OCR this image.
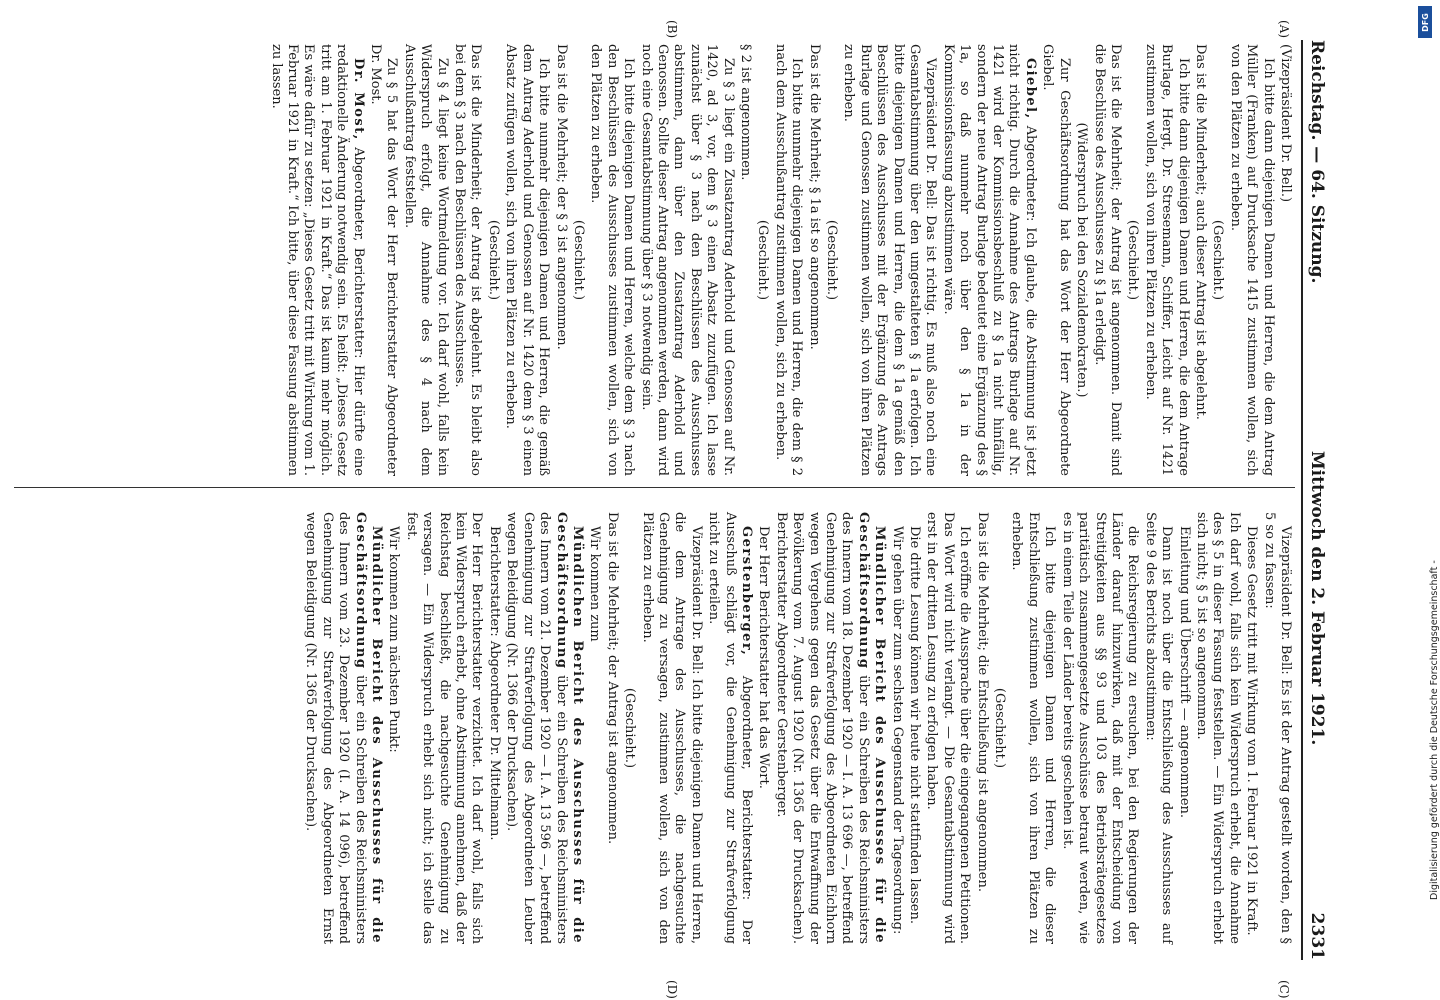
Reichstag. — 64. Sitzung.
Mittwoch den 2. Februar 1921.
2331
(A)
(B)
(C)
(D)

(Vizepräsident Dr. Bell.)

Ich bitte dann diejenigen Damen und Herren, die dem Antrag Müller (Franken) auf Drucksache 1415 zustimmen wollen, sich von den Plätzen zu erheben.

(Geschieht.)

Das ist die Minderheit; auch dieser Antrag ist abgelehnt.

Ich bitte dann diejenigen Damen und Herren, die dem Antrage Burlage, Hergt, Dr. Stresemann, Schiffer, Leicht auf Nr. 1421 zustimmen wollen, sich von ihren Plätzen zu erheben.

(Geschieht.)

Das ist die Mehrheit; der Antrag ist angenommen. Damit sind die Beschlüsse des Ausschusses zu § 1a erledigt.

(Widerspruch bei den Sozialdemokraten.)

Zur Geschäftsordnung hat das Wort der Herr Abgeordnete Giebel.

Giebel, Abgeordneter: Ich glaube, die Abstimmung ist jetzt nicht richtig. Durch die Annahme des Antrags Burlage auf Nr. 1421 wird der Kommissionsbeschluß zu § 1a nicht hinfällig, sondern der neue Antrag Burlage bedeutet eine Ergänzung des § 1a, so daß nunmehr noch über den § 1a in der Kommissionsfassung abzustimmen wäre.

Vizepräsident Dr. Bell: Das ist richtig. Es muß also noch eine Gesamtabstimmung über den umgestalteten § 1a erfolgen. Ich bitte diejenigen Damen und Herren, die dem § 1a gemäß den Beschlüssen des Ausschusses mit der Ergänzung des Antrags Burlage und Genossen zustimmen wollen, sich von ihren Plätzen zu erheben.

(Geschieht.)

Das ist die Mehrheit; § 1a ist so angenommen.

Ich bitte nunmehr diejenigen Damen und Herren, die dem § 2 nach dem Ausschußantrag zustimmen wollen, sich zu erheben.

(Geschieht.)

§ 2 ist angenommen.

Zu § 3 liegt ein Zusatzantrag Aderhold und Genossen auf Nr. 1420, ad 3, vor, dem § 3 einen Absatz zuzufügen. Ich lasse zunächst über § 3 nach den Beschlüssen des Ausschusses abstimmen, dann über den Zusatzantrag Aderhold und Genossen. Sollte dieser Antrag angenommen werden, dann wird noch eine Gesamtabstimmung über § 3 notwendig sein.

Ich bitte diejenigen Damen und Herren, welche dem § 3 nach den Beschlüssen des Ausschusses zustimmen wollen, sich von den Plätzen zu erheben.

(Geschieht.)

Das ist die Mehrheit; der § 3 ist angenommen.

Ich bitte nunmehr diejenigen Damen und Herren, die gemäß dem Antrag Aderhold und Genossen auf Nr. 1420 dem § 3 einen Absatz zufügen wollen, sich von ihren Plätzen zu erheben.

(Geschieht.)

Das ist die Minderheit; der Antrag ist abgelehnt. Es bleibt also bei dem § 3 nach den Beschlüssen des Ausschusses.

Zu § 4 liegt keine Wortmeldung vor. Ich darf wohl, falls kein Widerspruch erfolgt, die Annahme des § 4 nach dem Ausschußantrag feststellen.

Zu § 5 hat das Wort der Herr Berichterstatter Abgeordneter Dr. Most.

Dr. Most, Abgeordneter, Berichterstatter: Hier dürfte eine redaktionelle Änderung notwendig sein. Es heißt: „Dieses Gesetz tritt am 1. Februar 1921 in Kraft.“ Das ist kaum mehr möglich. Es wäre dafür zu setzen: „Dieses Gesetz tritt mit Wirkung vom 1. Februar 1921 in Kraft.“ Ich bitte, über diese Fassung abstimmen zu lassen.

Vizepräsident Dr. Bell: Es ist der Antrag gestellt worden, den § 5 so zu fassen:

Dieses Gesetz tritt mit Wirkung vom 1. Februar 1921 in Kraft.

Ich darf wohl, falls sich kein Widerspruch erhebt, die Annahme des § 5 in dieser Fassung feststellen. — Ein Widerspruch erhebt sich nicht; § 5 ist so angenommen.

Einleitung und Überschrift — angenommen.

Dann ist noch über die Entschließung des Ausschusses auf Seite 9 des Berichts abzustimmen:

die Reichsregierung zu ersuchen, bei den Regierungen der Länder darauf hinzuwirken, daß mit der Entscheidung von Streitigkeiten aus §§ 93 und 103 des Betriebsrätegesetzes paritätisch zusammengesetzte Ausschüsse betraut werden, wie es in einem Teile der Länder bereits geschehen ist.

Ich bitte diejenigen Damen und Herren, die dieser Entschließung zustimmen wollen, sich von ihren Plätzen zu erheben.

(Geschieht.)

Das ist die Mehrheit; die Entschließung ist angenommen.

Ich eröffne die Aussprache über die eingegangenen Petitionen. Das Wort wird nicht verlangt. — Die Gesamtabstimmung wird erst in der dritten Lesung zu erfolgen haben.

Die dritte Lesung können wir heute nicht stattfinden lassen.

Wir gehen über zum sechsten Gegenstand der Tagesordnung:

Mündlicher Bericht des Ausschusses für die Geschäftsordnung über ein Schreiben des Reichsministers des Innern vom 18. Dezember 1920 — I. A. 13 696 —, betreffend Genehmigung zur Strafverfolgung des Abgeordneten Eichhorn wegen Vergehens gegen das Gesetz über die Entwaffnung der Bevölkerung vom 7. August 1920 (Nr. 1365 der Drucksachen). Berichterstatter Abgeordneter Gerstenberger.

Der Herr Berichterstatter hat das Wort.

Gerstenberger, Abgeordneter, Berichterstatter: Der Ausschuß schlägt vor, die Genehmigung zur Strafverfolgung nicht zu erteilen.

Vizepräsident Dr. Bell: Ich bitte diejenigen Damen und Herren, die dem Antrage des Ausschusses, die nachgesuchte Genehmigung zu versagen, zustimmen wollen, sich von den Plätzen zu erheben.

(Geschieht.)

Das ist die Mehrheit; der Antrag ist angenommen.

Wir kommen zum

Mündlichen Bericht des Ausschusses für die Geschäftsordnung über ein Schreiben des Reichsministers des Innern vom 21. Dezember 1920 — I. A. 13 596 —, betreffend Genehmigung zur Strafverfolgung des Abgeordneten Leuber wegen Beleidigung (Nr. 1366 der Drucksachen).

Berichterstatter: Abgeordneter Dr. Mittelmann.

Der Herr Berichterstatter verzichtet. Ich darf wohl, falls sich kein Widerspruch erhebt, ohne Abstimmung annehmen, daß der Reichstag beschließt, die nachgesuchte Genehmigung zu versagen. — Ein Widerspruch erhebt sich nicht; ich stelle das fest.

Wir kommen zum nächsten Punkt:

Mündlicher Bericht des Ausschusses für die Geschäftsordnung über ein Schreiben des Reichsministers des Innern vom 23. Dezember 1920 (I. A. 14 096), betreffend Genehmigung zur Strafverfolgung des Abgeordneten Ernst wegen Beleidigung (Nr. 1365 der Drucksachen).

DFG
Digitalisierung gefördert durch die Deutsche Forschungsgemeinschaft -
